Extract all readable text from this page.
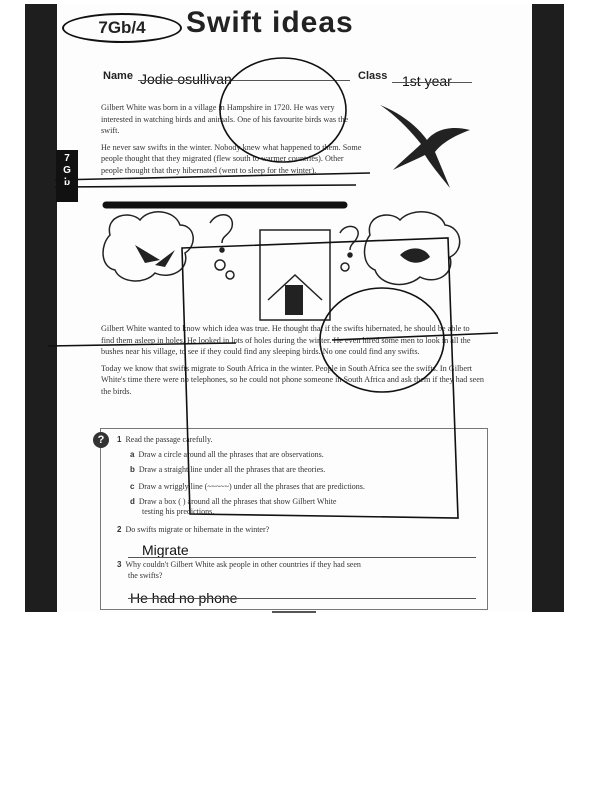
7Gb/4	Swift ideas
Name Jodie osullivan	Class 1st year
7
G
b

Gilbert White was born in a village in Hampshire in 1720. He was very interested in watching birds and animals. One of his favourite birds was the swift.

He never saw swifts in the winter. Nobody knew what happened to them. Some people thought that they migrated (flew south to warmer countries). Other people thought that they hibernated (went to sleep for the winter).

Gilbert White wanted to know which idea was true. He thought that if the swifts hibernated, he should be able to find them asleep in holes. He looked in lots of holes during the winter. He even hired some men to look in all the bushes near his village, to see if they could find any sleeping birds. No one could find any swifts.

Today we know that swifts migrate to South Africa in the winter. People in South Africa see the swifts. In Gilbert White's time there were no telephones, so he could not phone someone in South Africa and ask them if they had seen the birds.

?	1 Read the passage carefully.
a Draw a circle around all the phrases that are observations.
b Draw a straight line under all the phrases that are theories.
c Draw a wriggly line (~~~~~) under all the phrases that are predictions.
d Draw a box ( ) around all the phrases that show Gilbert White
testing his predictions.
2 Do swifts migrate or hibernate in the winter?
Migrate
3 Why couldn't Gilbert White ask people in other countries if they had seen
the swifts?
He had no phone
